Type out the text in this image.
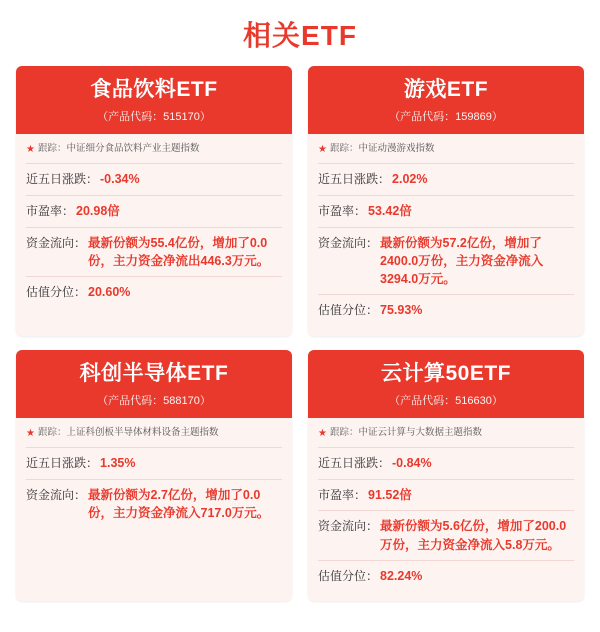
相关ETF
食品饮料ETF
（产品代码：515170）
★ 跟踪： 中证细分食品饮料产业主题指数
近五日涨跌： -0.34%
市盈率： 20.98倍
资金流向： 最新份额为55.4亿份，增加了0.0份，主力资金净流出446.3万元。
估值分位： 20.60%
游戏ETF
（产品代码：159869）
★ 跟踪： 中证动漫游戏指数
近五日涨跌： 2.02%
市盈率： 53.42倍
资金流向： 最新份额为57.2亿份，增加了2400.0万份，主力资金净流入3294.0万元。
估值分位： 75.93%
科创半导体ETF
（产品代码：588170）
★ 跟踪： 上证科创板半导体材料设备主题指数
近五日涨跌： 1.35%
资金流向： 最新份额为2.7亿份，增加了0.0份，主力资金净流入717.0万元。
云计算50ETF
（产品代码：516630）
★ 跟踪： 中证云计算与大数据主题指数
近五日涨跌： -0.84%
市盈率： 91.52倍
资金流向： 最新份额为5.6亿份，增加了200.0万份，主力资金净流入5.8万元。
估值分位： 82.24%
